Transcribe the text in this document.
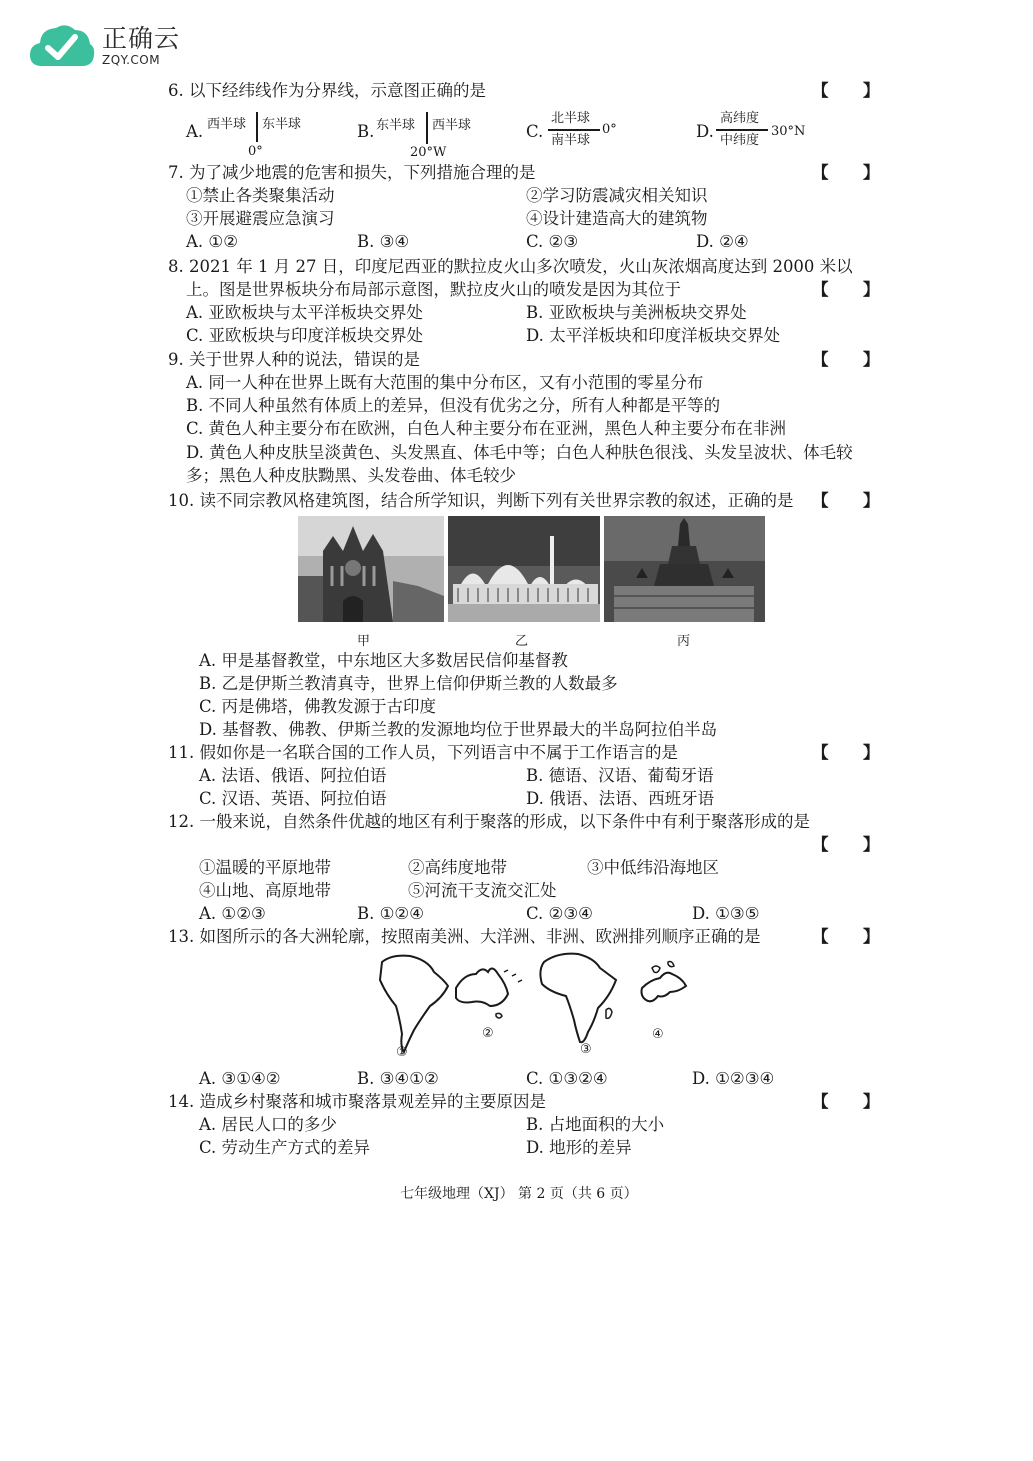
正确云
ZQY.COM
6. 以下经纬线作为分界线，示意图正确的是	【      】
A. 西半球 东半球
0°
B. 东半球 西半球
20°W
C.
北半球
南半球
0°	D.
高纬度
中纬度
30°N
7. 为了减少地震的危害和损失，下列措施合理的是	【      】
①禁止各类聚集活动	②学习防震减灾相关知识
③开展避震应急演习	④设计建造高大的建筑物
A. ①②	B. ③④	C. ②③	D. ②④
8. 2021 年 1 月 27 日，印度尼西亚的默拉皮火山多次喷发，火山灰浓烟高度达到 2000 米以
上。图是世界板块分布局部示意图，默拉皮火山的喷发是因为其位于	【      】
A. 亚欧板块与太平洋板块交界处	B. 亚欧板块与美洲板块交界处
C. 亚欧板块与印度洋板块交界处	D. 太平洋板块和印度洋板块交界处
9. 关于世界人种的说法，错误的是	【      】
A. 同一人种在世界上既有大范围的集中分布区，又有小范围的零星分布
B. 不同人种虽然有体质上的差异，但没有优劣之分，所有人种都是平等的
C. 黄色人种主要分布在欧洲，白色人种主要分布在亚洲，黑色人种主要分布在非洲
D. 黄色人种皮肤呈淡黄色、头发黑直、体毛中等；白色人种肤色很浅、头发呈波状、体毛较
多；黑色人种皮肤黝黑、头发卷曲、体毛较少
10. 读不同宗教风格建筑图，结合所学知识，判断下列有关世界宗教的叙述，正确的是 【      】
甲	乙	丙
A. 甲是基督教堂，中东地区大多数居民信仰基督教
B. 乙是伊斯兰教清真寺，世界上信仰伊斯兰教的人数最多
C. 丙是佛塔，佛教发源于古印度
D. 基督教、佛教、伊斯兰教的发源地均位于世界最大的半岛阿拉伯半岛
11. 假如你是一名联合国的工作人员，下列语言中不属于工作语言的是	【      】
A. 法语、俄语、阿拉伯语	B. 德语、汉语、葡萄牙语
C. 汉语、英语、阿拉伯语	D. 俄语、法语、西班牙语
12. 一般来说，自然条件优越的地区有利于聚落的形成，以下条件中有利于聚落形成的是
【      】
①温暖的平原地带	②高纬度地带	③中低纬沿海地区
④山地、高原地带	⑤河流干支流交汇处
A. ①②③	B. ①②④	C. ②③④	D. ①③⑤
13. 如图所示的各大洲轮廓，按照南美洲、大洋洲、非洲、欧洲排列顺序正确的是	【      】
①
②
③
④
A. ③①④②	B. ③④①②	C. ①③②④	D. ①②③④
14. 造成乡村聚落和城市聚落景观差异的主要原因是	【      】
A. 居民人口的多少	B. 占地面积的大小
C. 劳动生产方式的差异	D. 地形的差异
七年级地理（XJ） 第 2 页（共 6 页）
